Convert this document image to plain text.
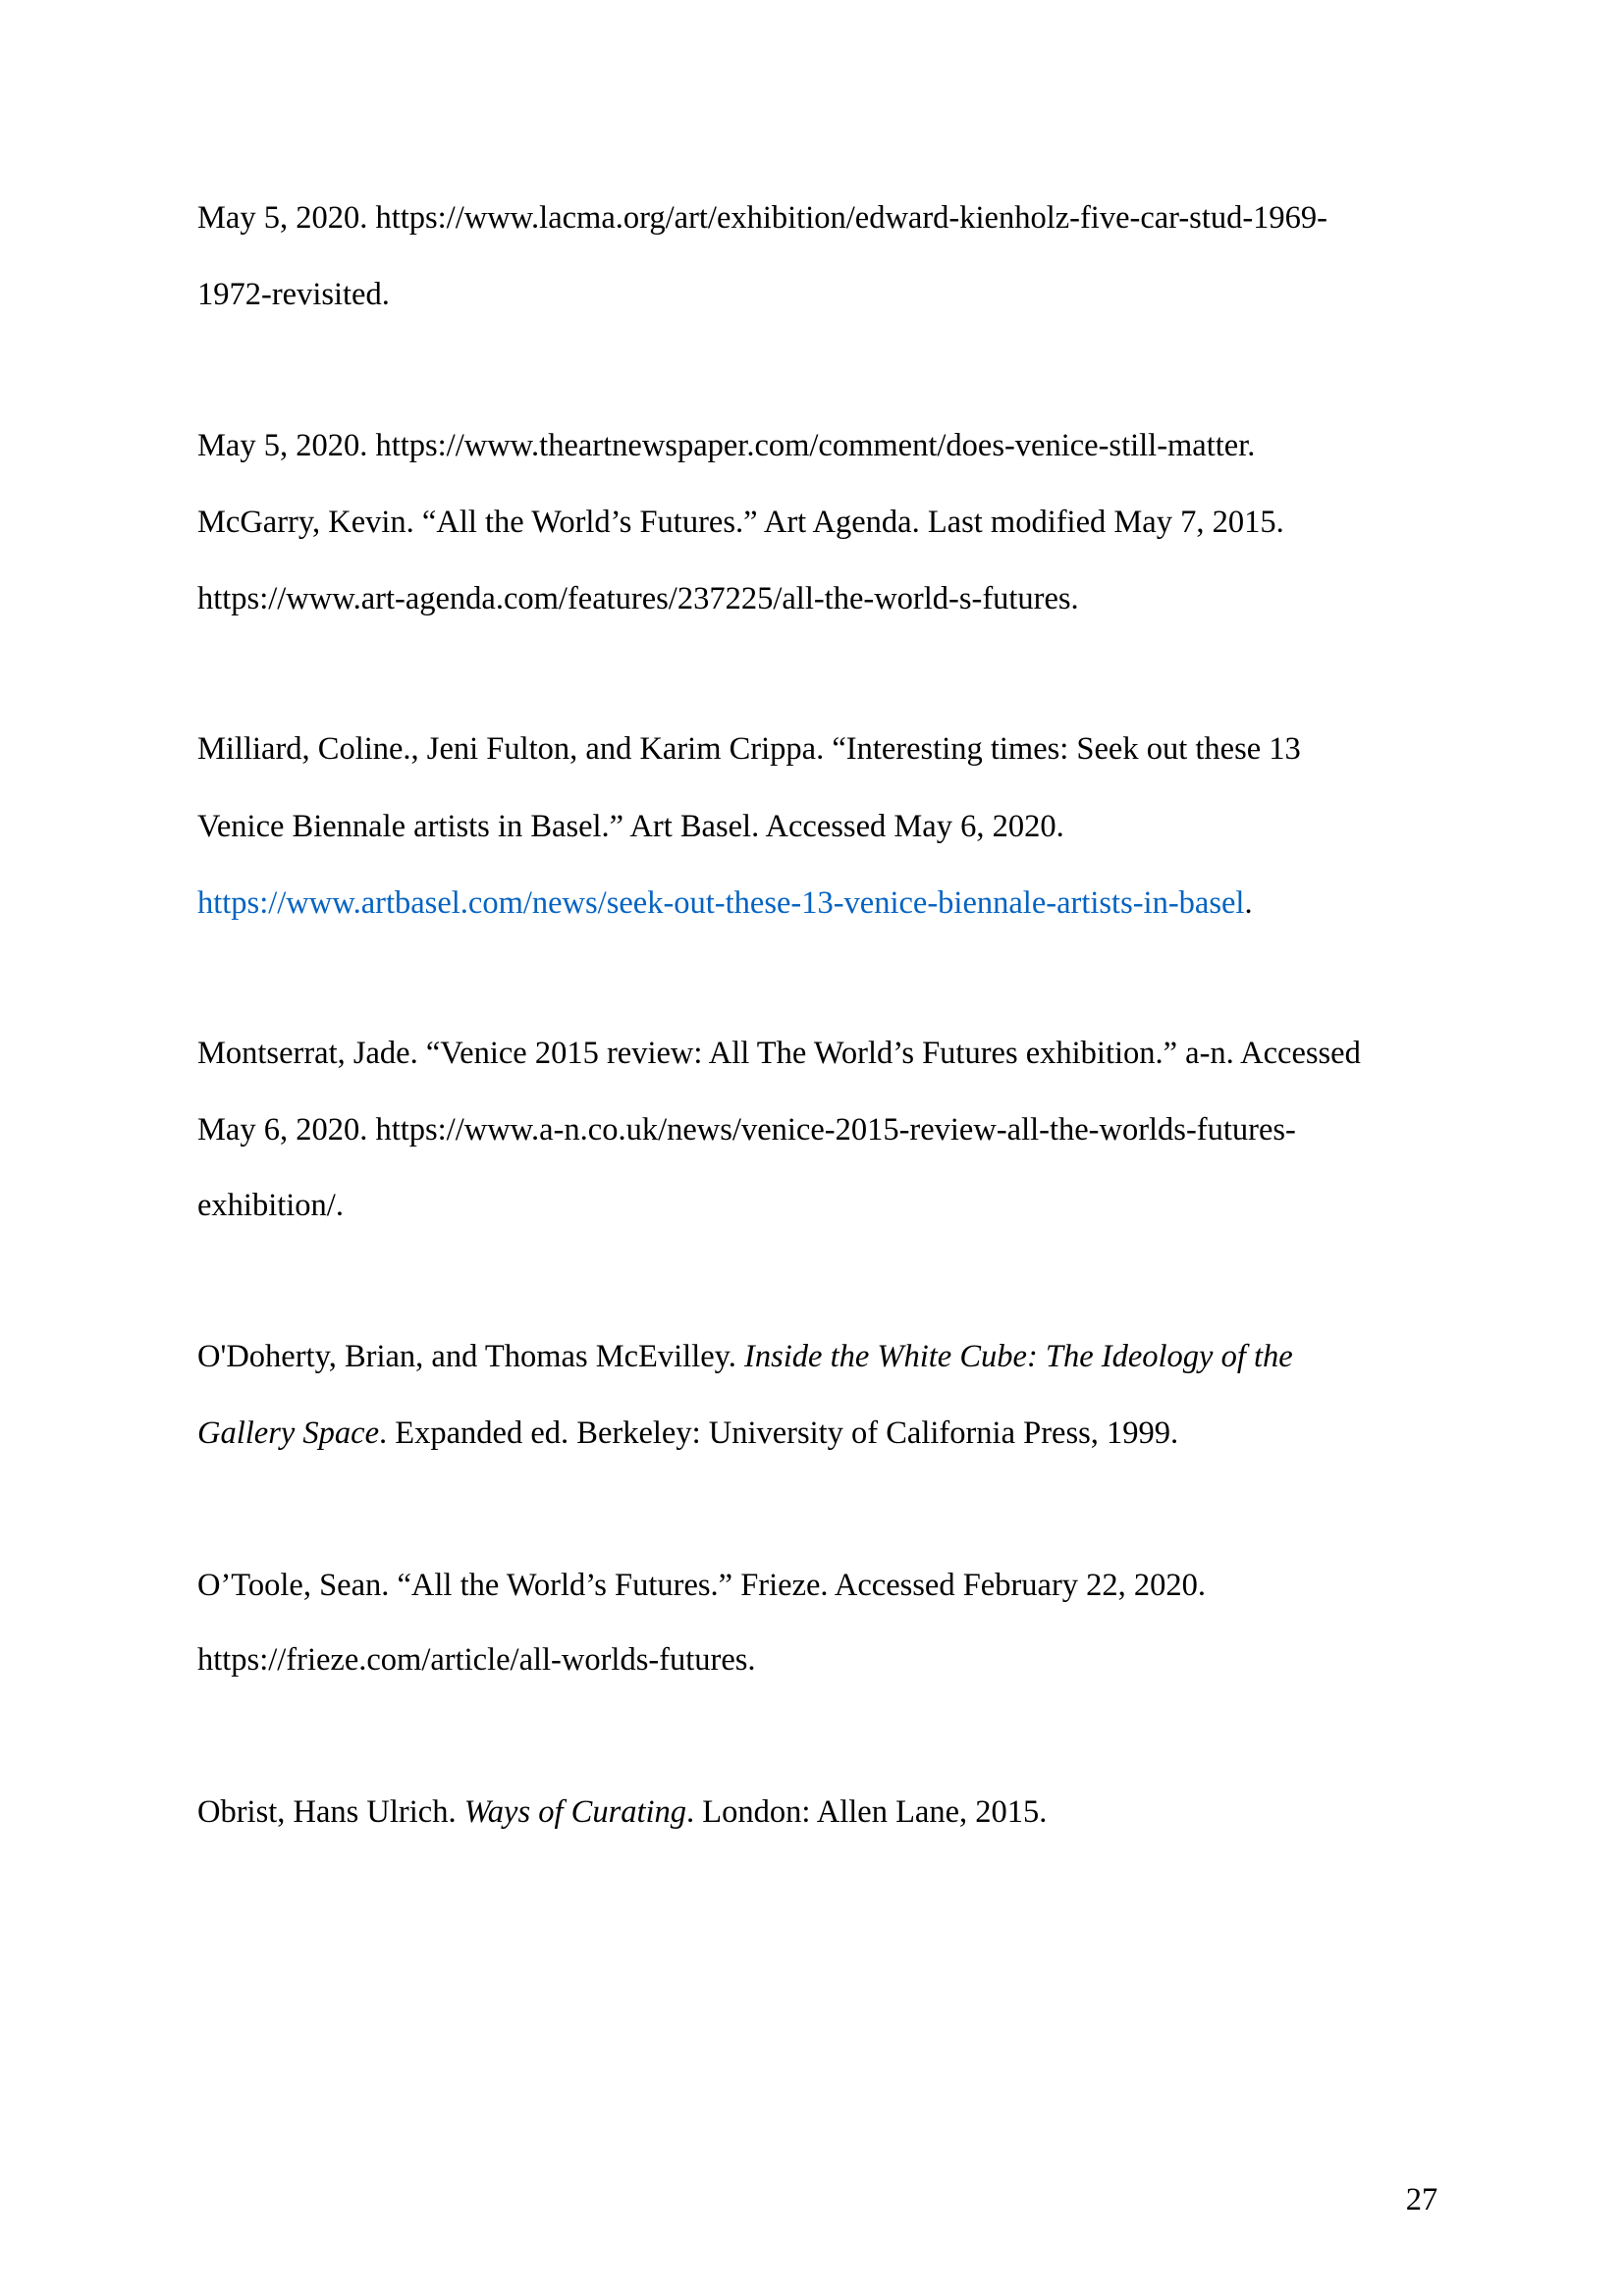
May 5, 2020. https://www.lacma.org/art/exhibition/edward-kienholz-five-car-stud-1969-
1972-revisited.
May 5, 2020. https://www.theartnewspaper.com/comment/does-venice-still-matter.
McGarry, Kevin. “All the World’s Futures.” Art Agenda. Last modified May 7, 2015.
https://www.art-agenda.com/features/237225/all-the-world-s-futures.
Milliard, Coline., Jeni Fulton, and Karim Crippa. “Interesting times: Seek out these 13
Venice Biennale artists in Basel.” Art Basel. Accessed May 6, 2020.
https://www.artbasel.com/news/seek-out-these-13-venice-biennale-artists-in-basel.
Montserrat, Jade. “Venice 2015 review: All The World’s Futures exhibition.” a-n. Accessed
May 6, 2020. https://www.a-n.co.uk/news/venice-2015-review-all-the-worlds-futures-
exhibition/.
O'Doherty, Brian, and Thomas McEvilley. Inside the White Cube: The Ideology of the
Gallery Space. Expanded ed. Berkeley: University of California Press, 1999.
O’Toole, Sean. “All the World’s Futures.” Frieze. Accessed February 22, 2020.
https://frieze.com/article/all-worlds-futures.
Obrist, Hans Ulrich. Ways of Curating. London: Allen Lane, 2015.
27
